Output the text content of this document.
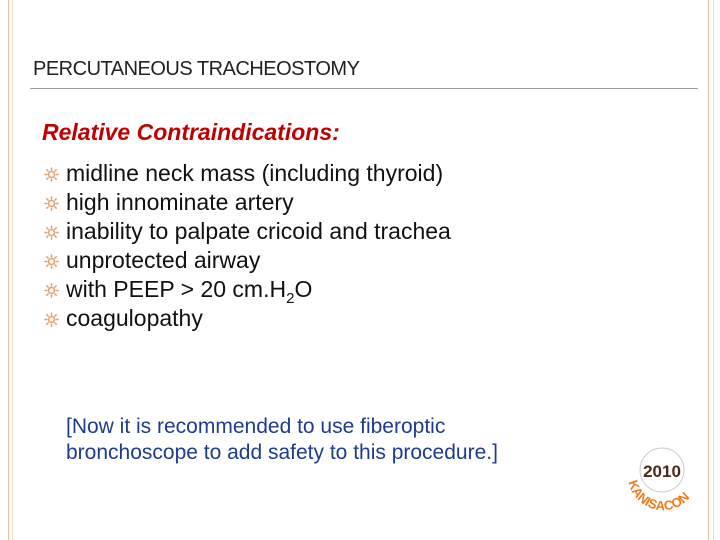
PERCUTANEOUS TRACHEOSTOMY
Relative Contraindications:
midline neck mass (including thyroid)
high innominate artery
inability to palpate cricoid and trachea
unprotected airway
with PEEP > 20 $cm.H_2O$
coagulopathy
[Now it is recommended to use fiberoptic
bronchoscope to add safety to this procedure.]
2010
KANISACON
